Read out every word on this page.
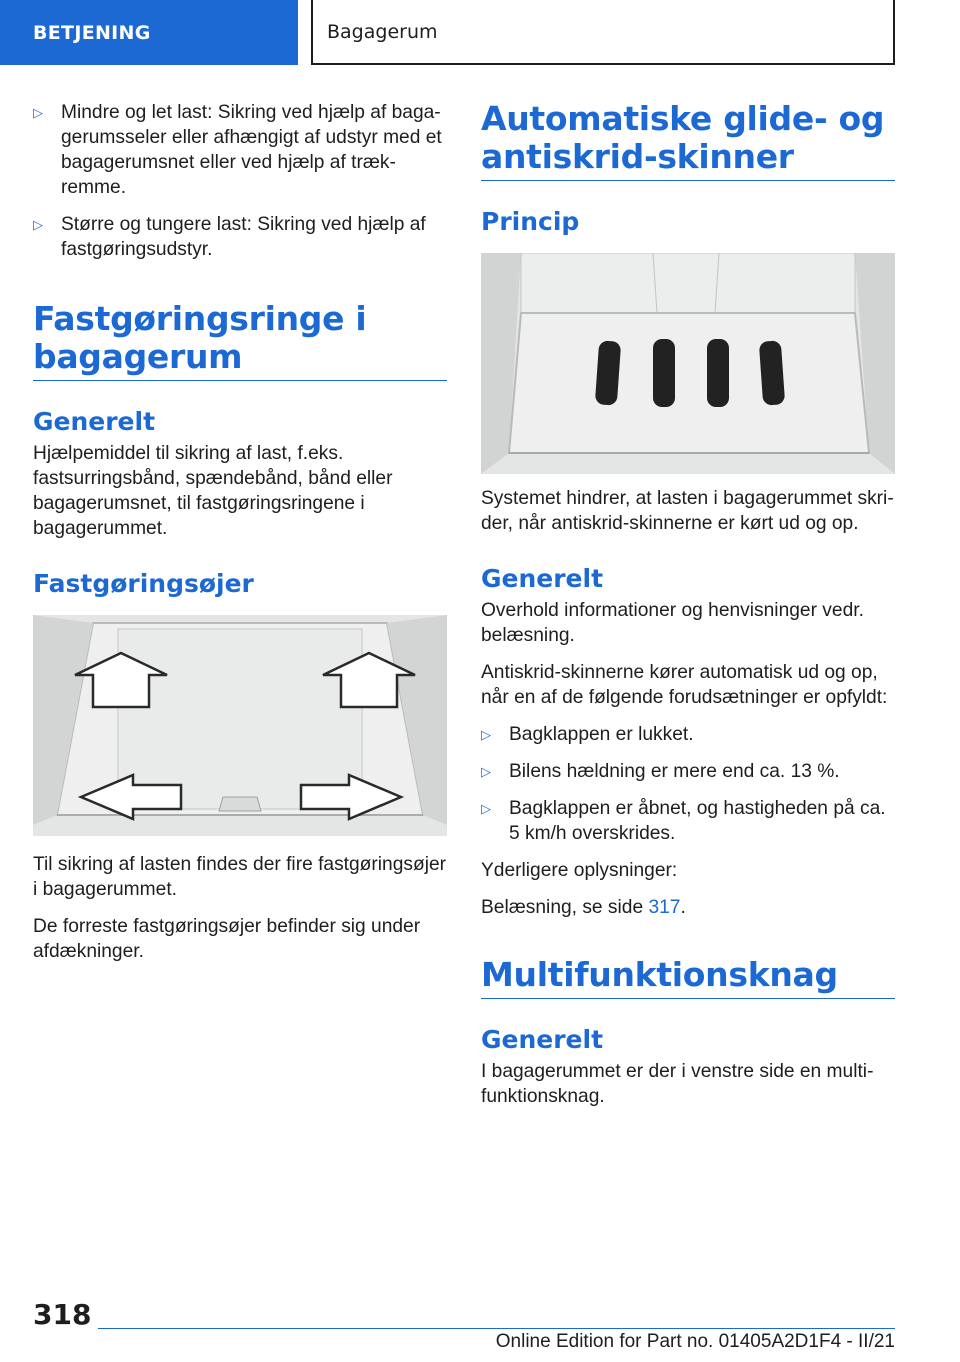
BETJENING	Bagagerum
▷ Mindre og let last: Sikring ved hjælp af bagagerumsseler eller afhængigt af udstyr med et bagagerumsnet eller ved hjælp af trækremme.
▷ Større og tungere last: Sikring ved hjælp af fastgøringsudstyr.
Fastgøringsringe i bagagerum
Generelt

Hjælpemiddel til sikring af last, f.eks. fastsurringsbånd, spændebånd, bånd eller bagagerumsnet, til fastgøringsringene i bagagerummet.

Fastgøringsøjer

Til sikring af lasten findes der fire fastgøringsøjer i bagagerummet.

De forreste fastgøringsøjer befinder sig under afdækninger.

Automatiske glide- og antiskrid-skinner
Princip

Systemet hindrer, at lasten i bagagerummet skrider, når antiskrid-skinnerne er kørt ud og op.

Generelt

Overhold informationer og henvisninger vedr. belæsning.

Antiskrid-skinnerne kører automatisk ud og op, når en af de følgende forudsætninger er opfyldt:

▷ Bagklappen er lukket.
▷ Bilens hældning er mere end ca. 13 %.
▷ Bagklappen er åbnet, og hastigheden på ca. 5 km/h overskrides.

Yderligere oplysninger:

Belæsning, se side 317.

Multifunktionsknag
Generelt

I bagagerummet er der i venstre side en multifunktionsknag.

318
Online Edition for Part no. 01405A2D1F4 - II/21
